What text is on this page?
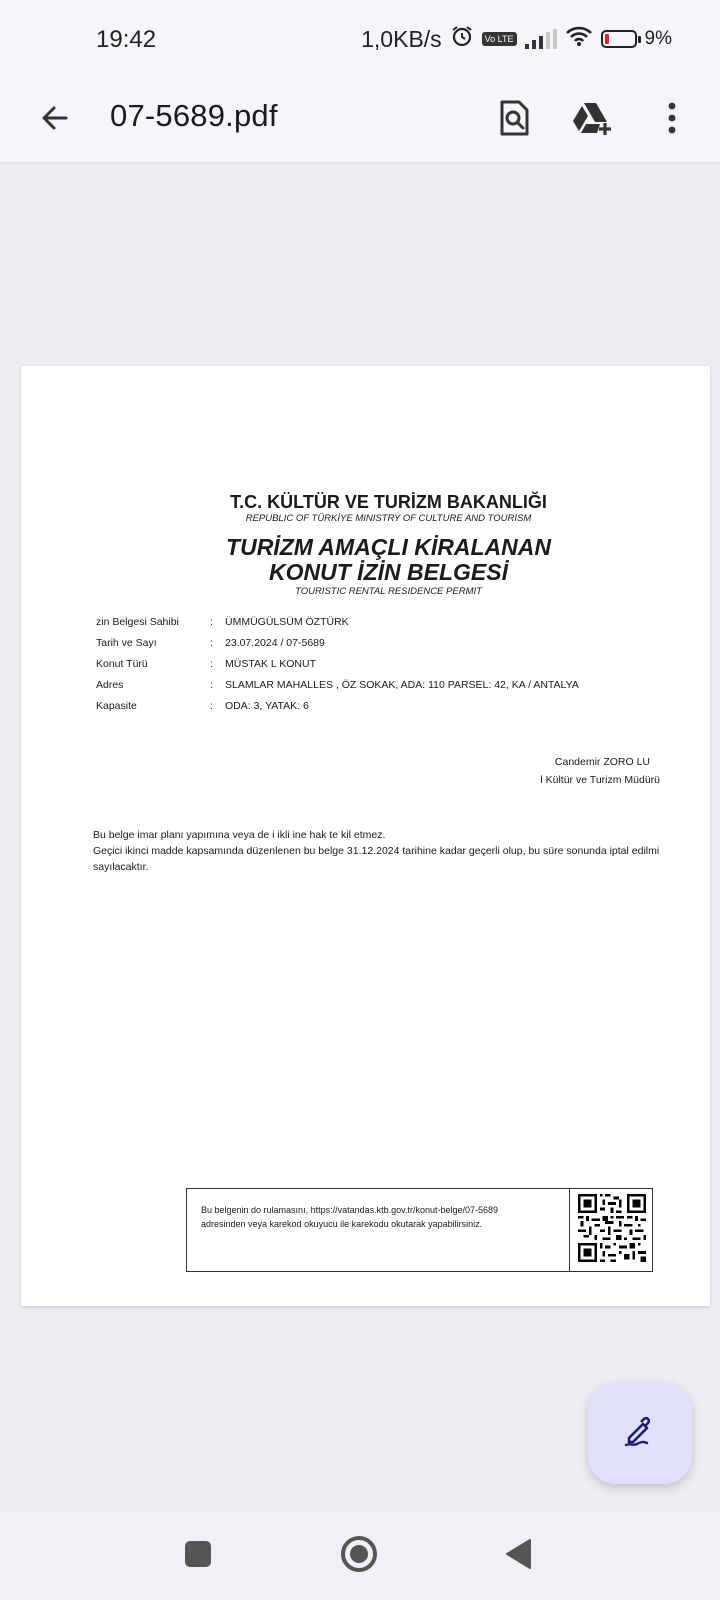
19:42	1,0KB/s	Vo LTE	9%
07-5689.pdf
T.C. KÜLTÜR VE TURİZM BAKANLIĞI
REPUBLIC OF TÜRKİYE MINISTRY OF CULTURE AND TOURISM
TURİZM AMAÇLI KİRALANAN
KONUT İZİN BELGESİ
TOURISTIC RENTAL RESIDENCE PERMIT
zin Belgesi Sahibi	: ÜMMÜGÜLSÜM ÖZTÜRK
Tarih ve Sayı	: 23.07.2024 / 07-5689
Konut Türü	: MÜSTAK L KONUT
Adres	: SLAMLAR MAHALLES , ÖZ SOKAK, ADA: 110 PARSEL: 42, KA / ANTALYA
Kapasite	: ODA: 3, YATAK: 6
Candemir ZORO LU
l Kültür ve Turizm Müdürü
Bu belge imar planı yapımına veya de i ikli ine hak te kil etmez.
Geçici ikinci madde kapsamında düzenlenen bu belge 31.12.2024 tarihine kadar geçerli olup, bu süre sonunda iptal edilmi sayılacaktır.
Bu belgenin do rulamasını, https://vatandas.ktb.gov.tr/konut-belge/07-5689
adresinden veya karekod okuyucu ile karekodu okutarak yapabilirsiniz.
